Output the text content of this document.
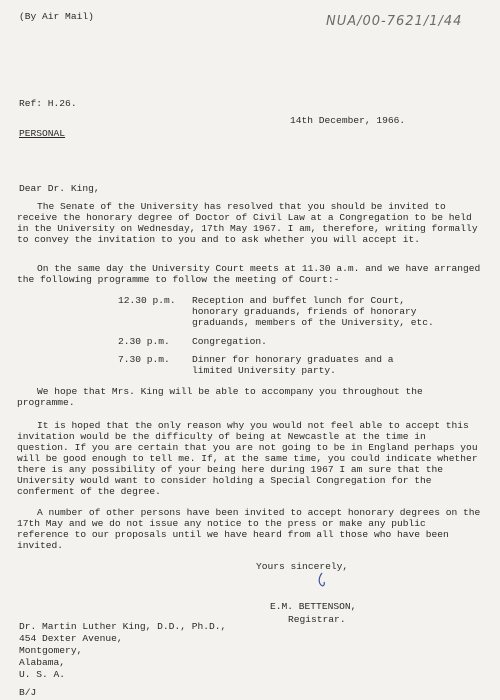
(By Air Mail)	NUA/00-7621/1/44
Ref: H.26.
14th December, 1966.
PERSONAL
Dear Dr. King,

The Senate of the University has resolved that you should be invited to receive the honorary degree of Doctor of Civil Law at a Congregation to be held in the University on Wednesday, 17th May 1967. I am, therefore, writing formally to convey the invitation to you and to ask whether you will accept it.

On the same day the University Court meets at 11.30 a.m. and we have arranged the following programme to follow the meeting of Court:-

12.30 p.m. Reception and buffet lunch for Court,
honorary graduands, friends of honorary
graduands, members of the University, etc.
2.30 p.m. Congregation.
7.30 p.m. Dinner for honorary graduates and a
limited University party.

We hope that Mrs. King will be able to accompany you throughout the programme.

It is hoped that the only reason why you would not feel able to accept this invitation would be the difficulty of being at Newcastle at the time in question. If you are certain that you are not going to be in England perhaps you will be good enough to tell me. If, at the same time, you could indicate whether there is any possibility of your being here during 1967 I am sure that the University would want to consider holding a Special Congregation for the conferment of the degree.

A number of other persons have been invited to accept honorary degrees on the 17th May and we do not issue any notice to the press or make any public reference to our proposals until we have heard from all those who have been invited.

Yours sincerely,
E.M. BETTENSON,
Registrar.
Dr. Martin Luther King, D.D., Ph.D.,
454 Dexter Avenue,
Montgomery,
Alabama,
U. S. A.
B/J
